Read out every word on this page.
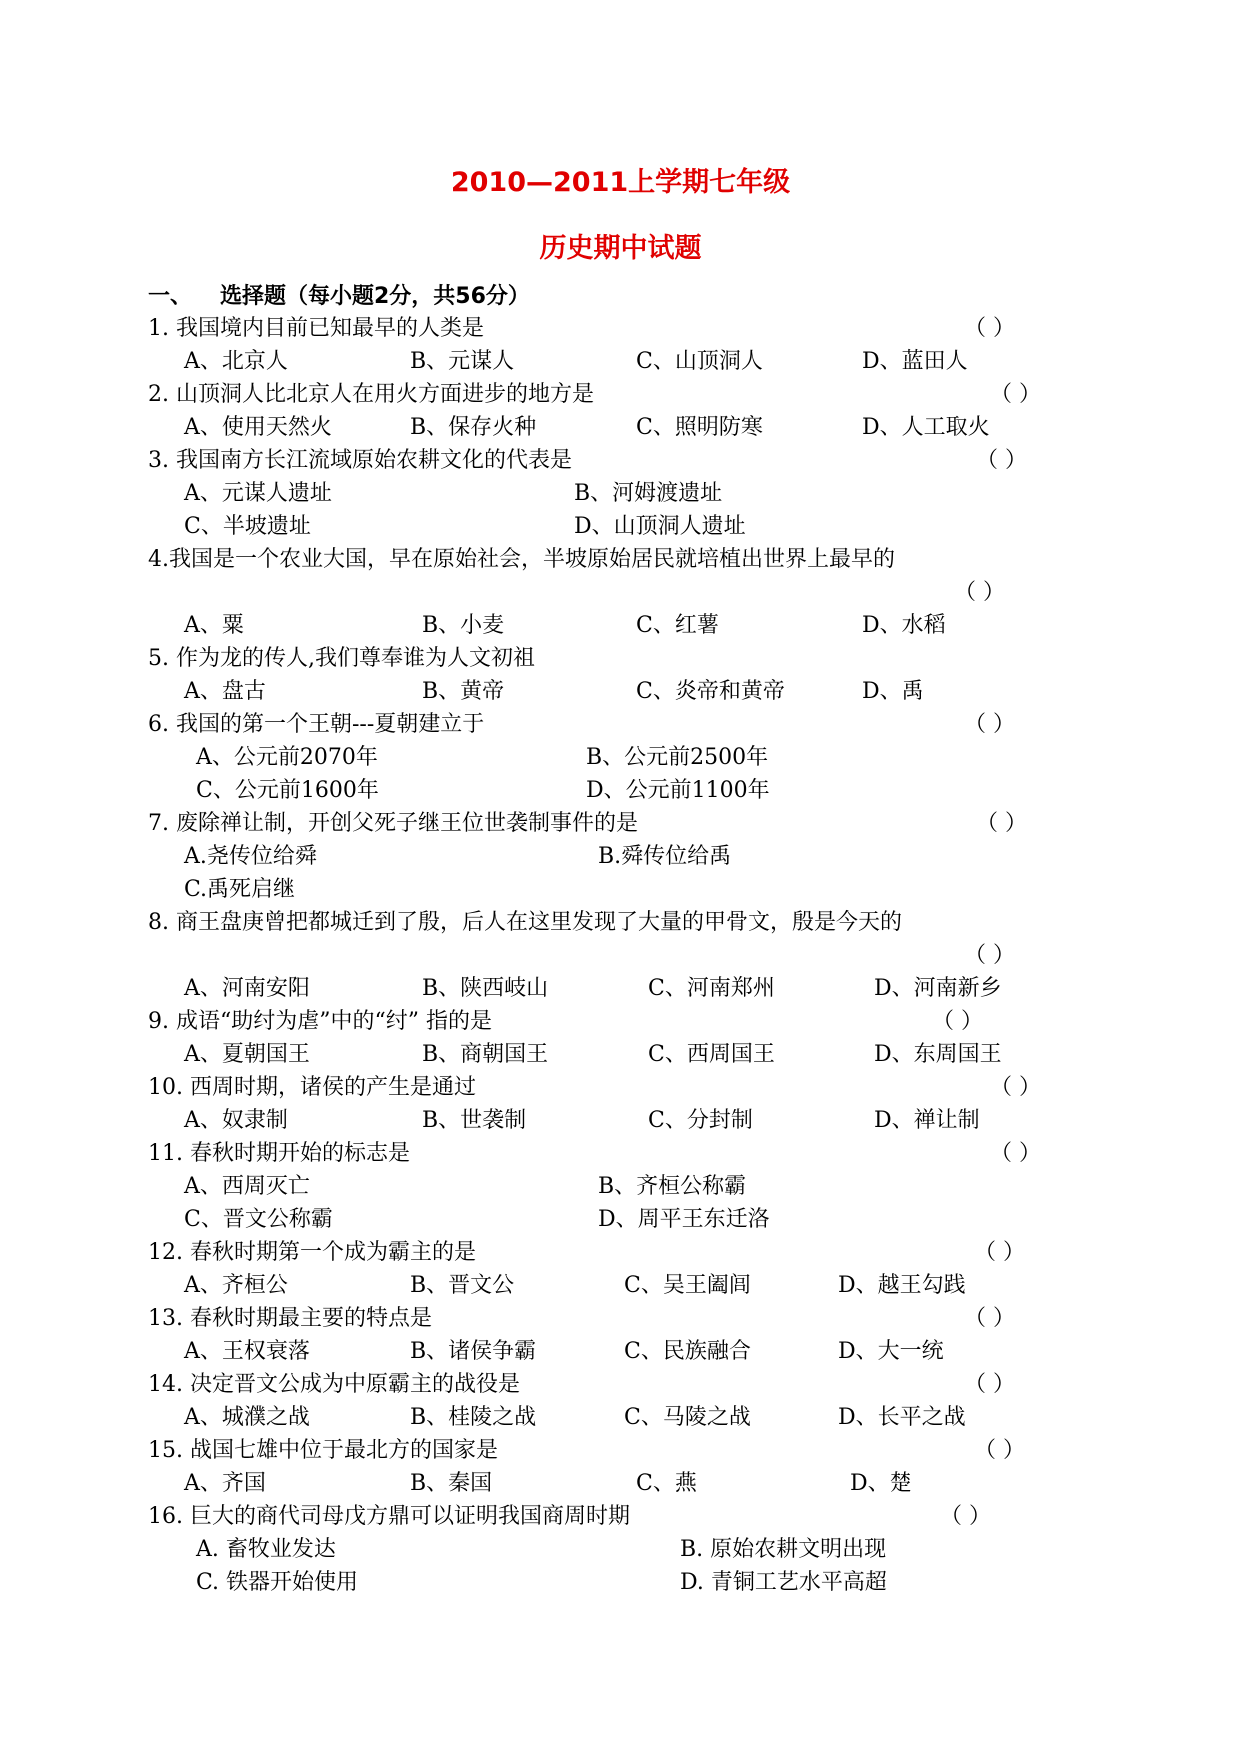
2010—2011上学期七年级
历史期中试题
一、 选择题（每小题2分，共56分）
1. 我国境内目前已知最早的人类是	（ ）
A、北京人	B、元谋人	C、山顶洞人	D、蓝田人
2. 山顶洞人比北京人在用火方面进步的地方是	（ ）
A、使用天然火	B、保存火种	C、照明防寒	D、人工取火
3. 我国南方长江流域原始农耕文化的代表是	（ ）
A、元谋人遗址	B、河姆渡遗址
C、半坡遗址	D、山顶洞人遗址
4.我国是一个农业大国，早在原始社会，半坡原始居民就培植出世界上最早的
（ ）
A、粟	B、小麦	C、红薯	D、水稻
5. 作为龙的传人,我们尊奉谁为人文初祖
A、盘古	B、黄帝	C、炎帝和黄帝	D、禹
6. 我国的第一个王朝---夏朝建立于	（ ）
A、公元前2070年	B、公元前2500年
C、公元前1600年	D、公元前1100年
7. 废除禅让制，开创父死子继王位世袭制事件的是	（ ）
A.尧传位给舜	B.舜传位给禹
C.禹死启继
8. 商王盘庚曾把都城迁到了殷，后人在这里发现了大量的甲骨文，殷是今天的
（ ）
A、河南安阳	B、陕西岐山	C、河南郑州	D、河南新乡
9. 成语“助纣为虐”中的“纣” 指的是	（ ）
A、夏朝国王	B、商朝国王	C、西周国王	D、东周国王
10. 西周时期，诸侯的产生是通过	（ ）
A、奴隶制	B、世袭制	C、分封制	D、禅让制
11. 春秋时期开始的标志是	（ ）
A、西周灭亡	B、齐桓公称霸
C、晋文公称霸	D、周平王东迁洛
12. 春秋时期第一个成为霸主的是	（ ）
A、齐桓公	B、晋文公	C、吴王阖闾	D、越王勾践
13. 春秋时期最主要的特点是	（ ）
A、王权衰落	B、诸侯争霸	C、民族融合	D、大一统
14. 决定晋文公成为中原霸主的战役是	（ ）
A、城濮之战	B、桂陵之战	C、马陵之战	D、长平之战
15. 战国七雄中位于最北方的国家是	（ ）
A、齐国	B、秦国	C、燕	D、楚
16. 巨大的商代司母戊方鼎可以证明我国商周时期	（ ）
A. 畜牧业发达	B. 原始农耕文明出现
C. 铁器开始使用	D. 青铜工艺水平高超
